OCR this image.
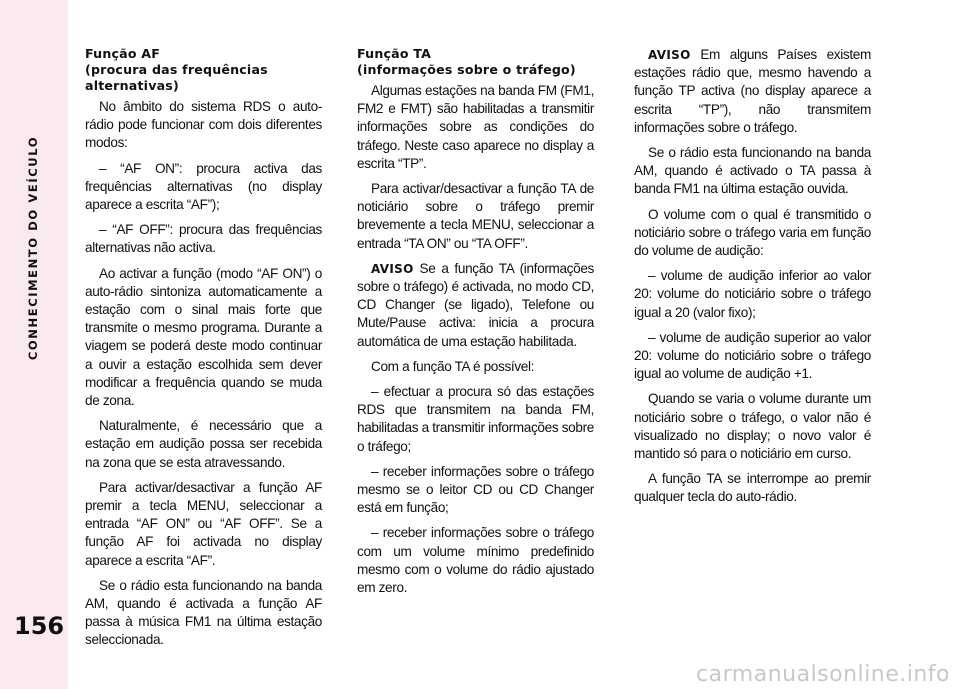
CONHECIMENTO DO VEÍCULO
156
Função AF
(procura das frequências
alternativas)

No âmbito do sistema RDS o auto-rádio pode funcionar com dois diferentes modos:

– “AF ON”: procura activa das frequências alternativas (no display aparece a escrita “AF”);

– “AF OFF”: procura das frequências alternativas não activa.

Ao activar a função (modo “AF ON”) o auto-rádio sintoniza automaticamente a estação com o sinal mais forte que transmite o mesmo programa. Durante a viagem se poderá deste modo continuar a ouvir a estação escolhida sem dever modificar a frequência quando se muda de zona.

Naturalmente, é necessário que a estação em audição possa ser recebida na zona que se esta atravessando.

Para activar/desactivar a função AF premir a tecla MENU, seleccionar a entrada “AF ON” ou “AF OFF”. Se a função AF foi activada no display aparece a escrita “AF”.

Se o rádio esta funcionando na banda AM, quando é activada a função AF passa à música FM1 na última estação seleccionada.

Função TA
(informações sobre o tráfego)

Algumas estações na banda FM (FM1, FM2 e FMT) são habilitadas a transmitir informações sobre as condições do tráfego. Neste caso aparece no display a escrita “TP”.

Para activar/desactivar a função TA de noticiário sobre o tráfego premir brevemente a tecla MENU, seleccionar a entrada “TA ON” ou “TA OFF”.

AVISO Se a função TA (informações sobre o tráfego) é activada, no modo CD, CD Changer (se ligado), Telefone ou Mute/Pause activa: inicia a procura automática de uma estação habilitada.

Com a função TA é possível:

– efectuar a procura só das estações RDS que transmitem na banda FM, habilitadas a transmitir informações sobre o tráfego;

– receber informações sobre o tráfego mesmo se o leitor CD ou CD Changer está em função;

– receber informações sobre o tráfego com um volume mínimo predefinido mesmo com o volume do rádio ajustado em zero.

AVISO Em alguns Países existem estações rádio que, mesmo havendo a função TP activa (no display aparece a escrita “TP”), não transmitem informações sobre o tráfego.

Se o rádio esta funcionando na banda AM, quando é activado o TA passa à banda FM1 na última estação ouvida.

O volume com o qual é transmitido o noticiário sobre o tráfego varia em função do volume de audição:

– volume de audição inferior ao valor 20: volume do noticiário sobre o tráfego igual a 20 (valor fixo);

– volume de audição superior ao valor 20: volume do noticiário sobre o tráfego igual ao volume de audição +1.

Quando se varia o volume durante um noticiário sobre o tráfego, o valor não é visualizado no display; o novo valor é mantido só para o noticiário em curso.

A função TA se interrompe ao premir qualquer tecla do auto-rádio.

carmanualsonline.info
